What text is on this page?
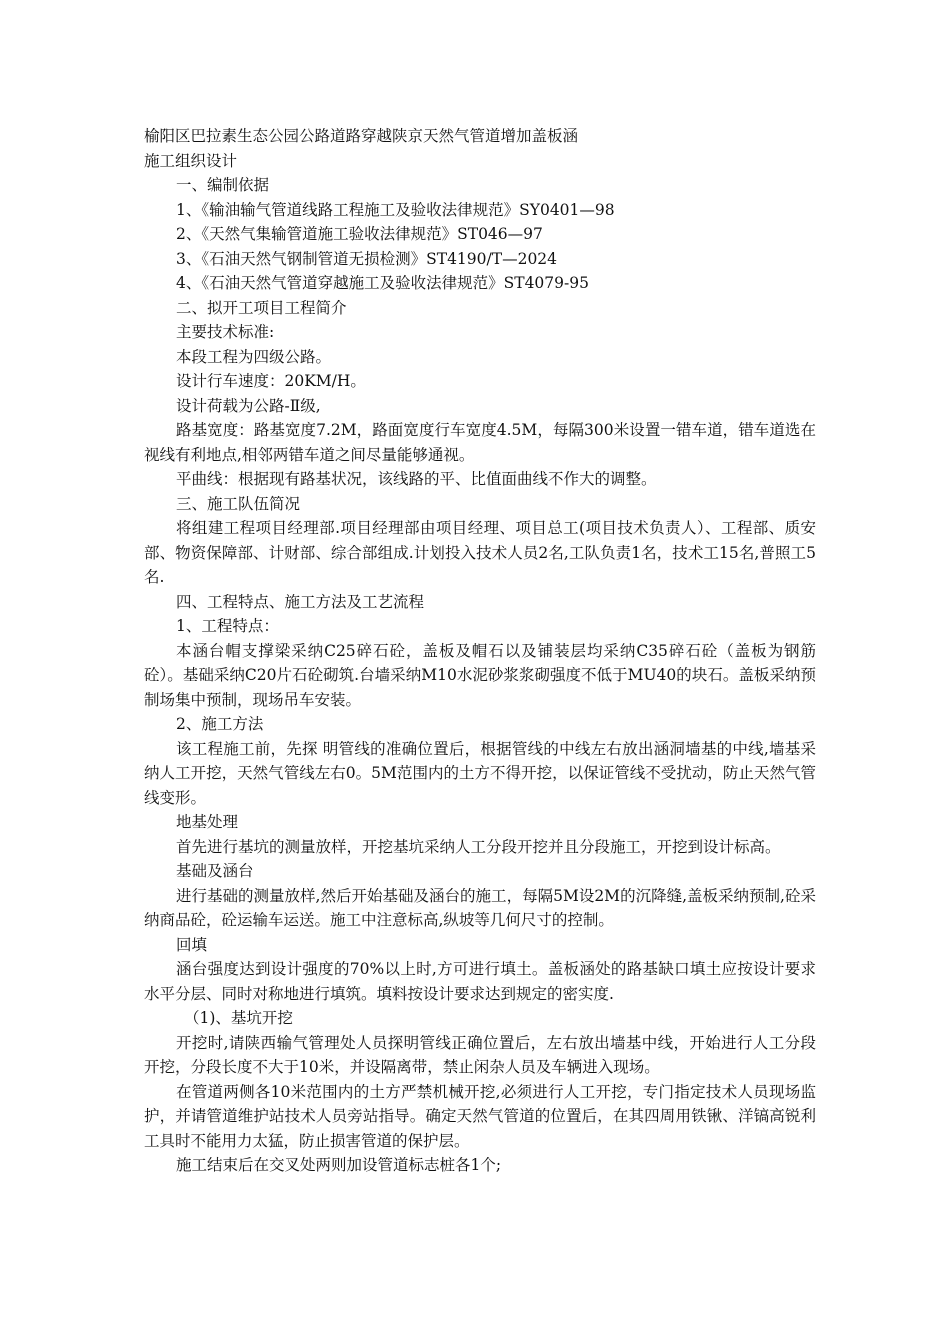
榆阳区巴拉素生态公园公路道路穿越陕京天然气管道增加盖板涵

施工组织设计

一、编制依据

1、《输油输气管道线路工程施工及验收法律规范》SY0401—98

2、《天然气集输管道施工验收法律规范》ST046—97

3、《石油天然气钢制管道无损检测》ST4190/T—2024

4、《石油天然气管道穿越施工及验收法律规范》ST4079-95

二、拟开工项目工程简介

主要技术标准:

本段工程为四级公路。

设计行车速度：20KM/H。

设计荷载为公路-Ⅱ级,

路基宽度：路基宽度7.2M，路面宽度行车宽度4.5M，每隔300米设置一错车道，错车道选在视线有利地点,相邻两错车道之间尽量能够通视。

平曲线：根据现有路基状况，该线路的平、比值面曲线不作大的调整。

三、施工队伍简况

将组建工程项目经理部.项目经理部由项目经理、项目总工(项目技术负责人）、工程部、质安部、物资保障部、计财部、综合部组成.计划投入技术人员2名,工队负责1名，技术工15名,普照工5名.

四、工程特点、施工方法及工艺流程

1、工程特点：

本涵台帽支撑梁采纳C25碎石砼，盖板及帽石以及铺装层均采纳C35碎石砼（盖板为钢筋砼）。基础采纳C20片石砼砌筑.台墙采纳M10水泥砂浆浆砌强度不低于MU40的块石。盖板采纳预制场集中预制，现场吊车安装。

2、施工方法

该工程施工前，先探 明管线的准确位置后，根据管线的中线左右放出涵洞墙基的中线,墙基采纳人工开挖，天然气管线左右0。5M范围内的土方不得开挖，以保证管线不受扰动，防止天然气管线变形。

地基处理

首先进行基坑的测量放样，开挖基坑采纳人工分段开挖并且分段施工，开挖到设计标高。

基础及涵台

进行基础的测量放样,然后开始基础及涵台的施工，每隔5M设2M的沉降缝,盖板采纳预制,砼采纳商品砼，砼运输车运送。施工中注意标高,纵坡等几何尺寸的控制。

回填

涵台强度达到设计强度的70%以上时,方可进行填土。盖板涵处的路基缺口填土应按设计要求水平分层、同时对称地进行填筑。填料按设计要求达到规定的密实度.

（1)、基坑开挖

开挖时,请陕西输气管理处人员探明管线正确位置后，左右放出墙基中线，开始进行人工分段开挖，分段长度不大于10米，并设隔离带，禁止闲杂人员及车辆进入现场。

在管道两侧各10米范围内的土方严禁机械开挖,必须进行人工开挖，专门指定技术人员现场监护，并请管道维护站技术人员旁站指导。确定天然气管道的位置后，在其四周用铁锹、洋镐高锐利工具时不能用力太猛，防止损害管道的保护层。

施工结束后在交叉处两则加设管道标志桩各1个;
